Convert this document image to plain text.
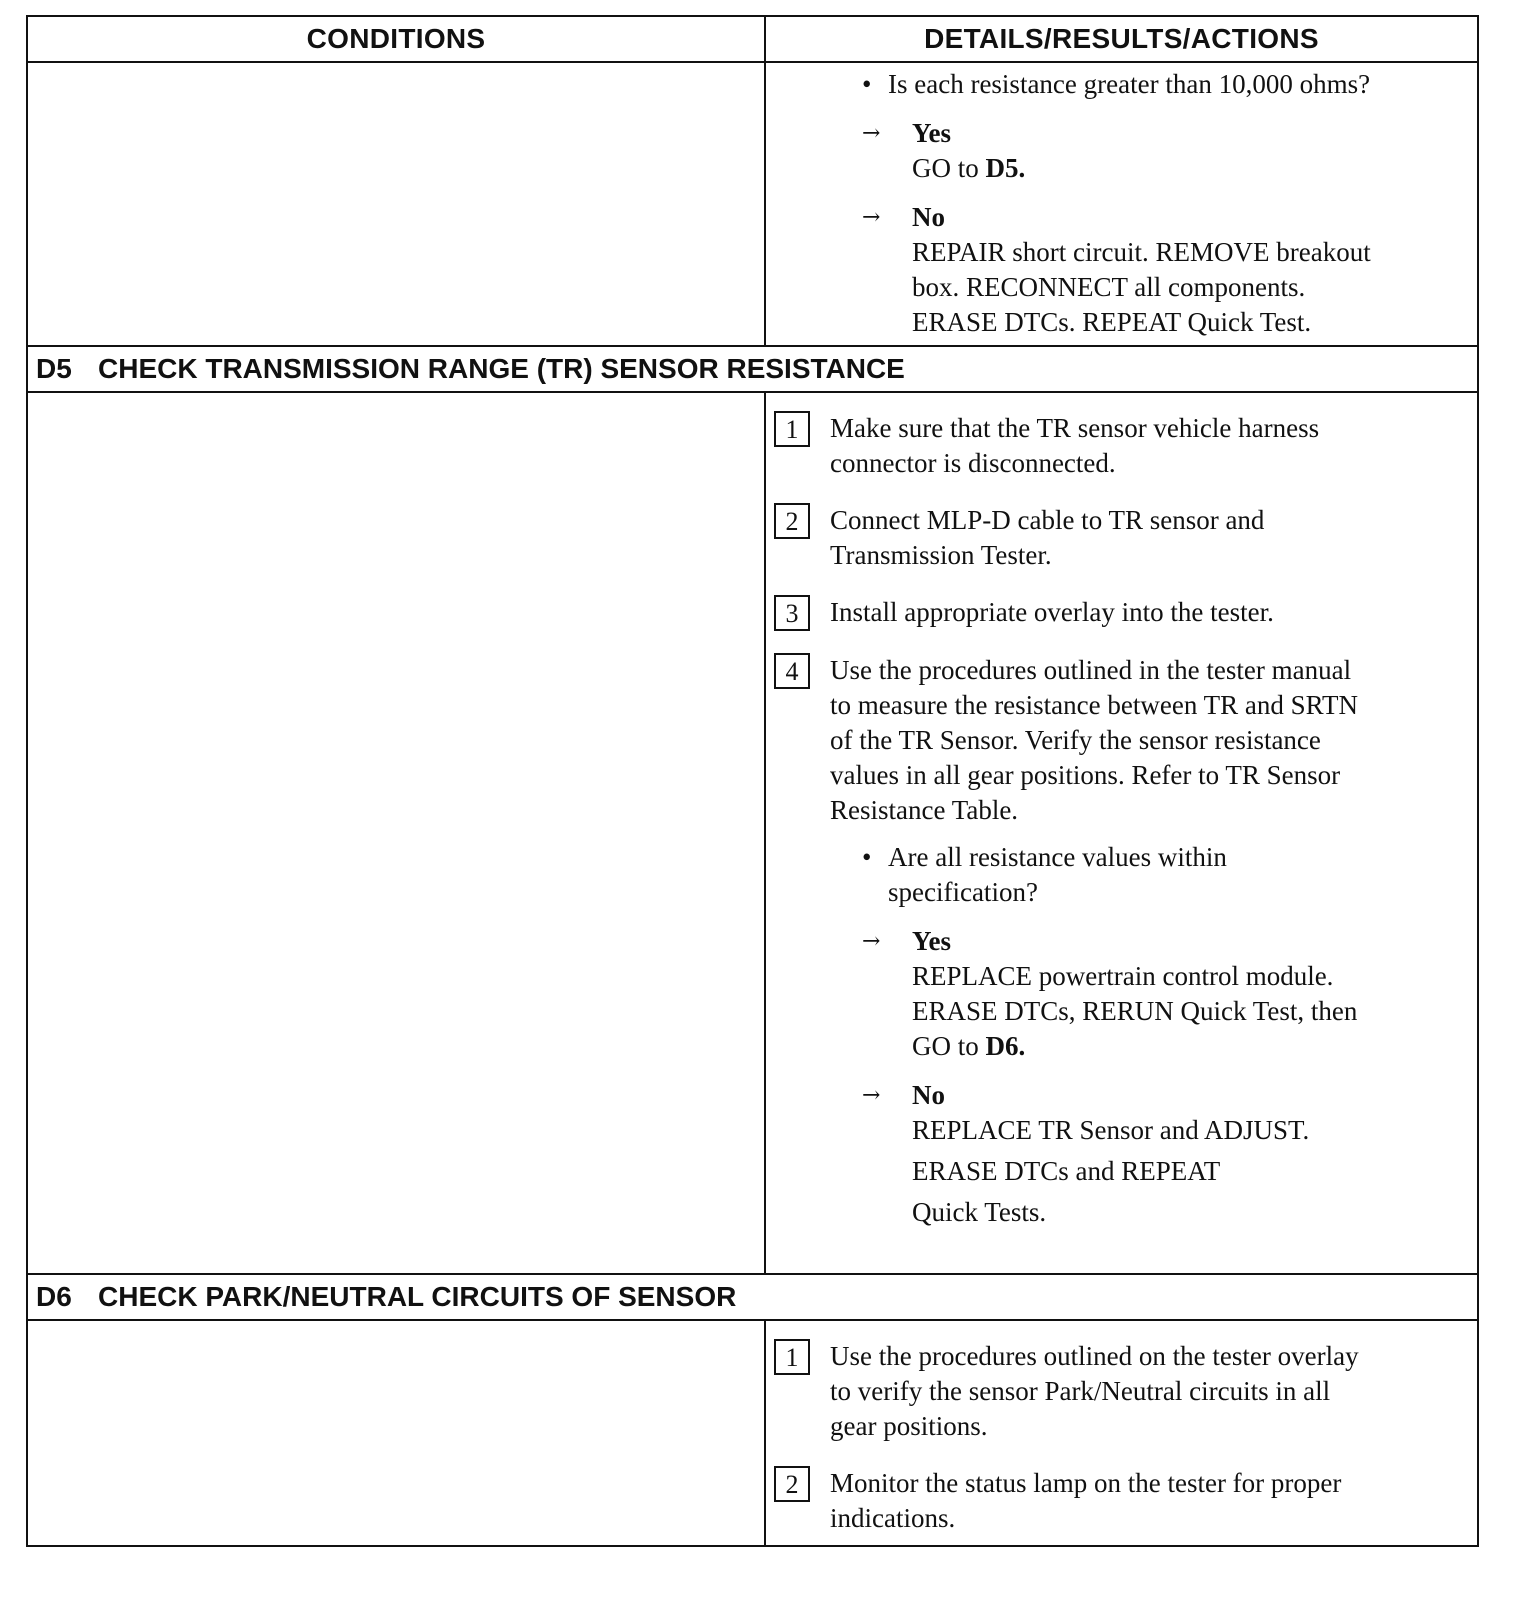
CONDITIONS	DETAILS/RESULTS/ACTIONS
• Is each resistance greater than 10,000 ohms?
→ Yes
GO to D5.
→ No
REPAIR short circuit. REMOVE breakout
box. RECONNECT all components.
ERASE DTCs. REPEAT Quick Test.
D5 CHECK TRANSMISSION RANGE (TR) SENSOR RESISTANCE
1	Make sure that the TR sensor vehicle harness
connector is disconnected.
2	Connect MLP-D cable to TR sensor and
Transmission Tester.
3	Install appropriate overlay into the tester.
4	Use the procedures outlined in the tester manual
to measure the resistance between TR and SRTN
of the TR Sensor. Verify the sensor resistance
values in all gear positions. Refer to TR Sensor
Resistance Table.
• Are all resistance values within
specification?
→ Yes
REPLACE powertrain control module.
ERASE DTCs, RERUN Quick Test, then
GO to D6.
→ No
REPLACE TR Sensor and ADJUST.
ERASE DTCs and REPEAT
Quick Tests.
D6 CHECK PARK/NEUTRAL CIRCUITS OF SENSOR
1	Use the procedures outlined on the tester overlay
to verify the sensor Park/Neutral circuits in all
gear positions.
2	Monitor the status lamp on the tester for proper
indications.
